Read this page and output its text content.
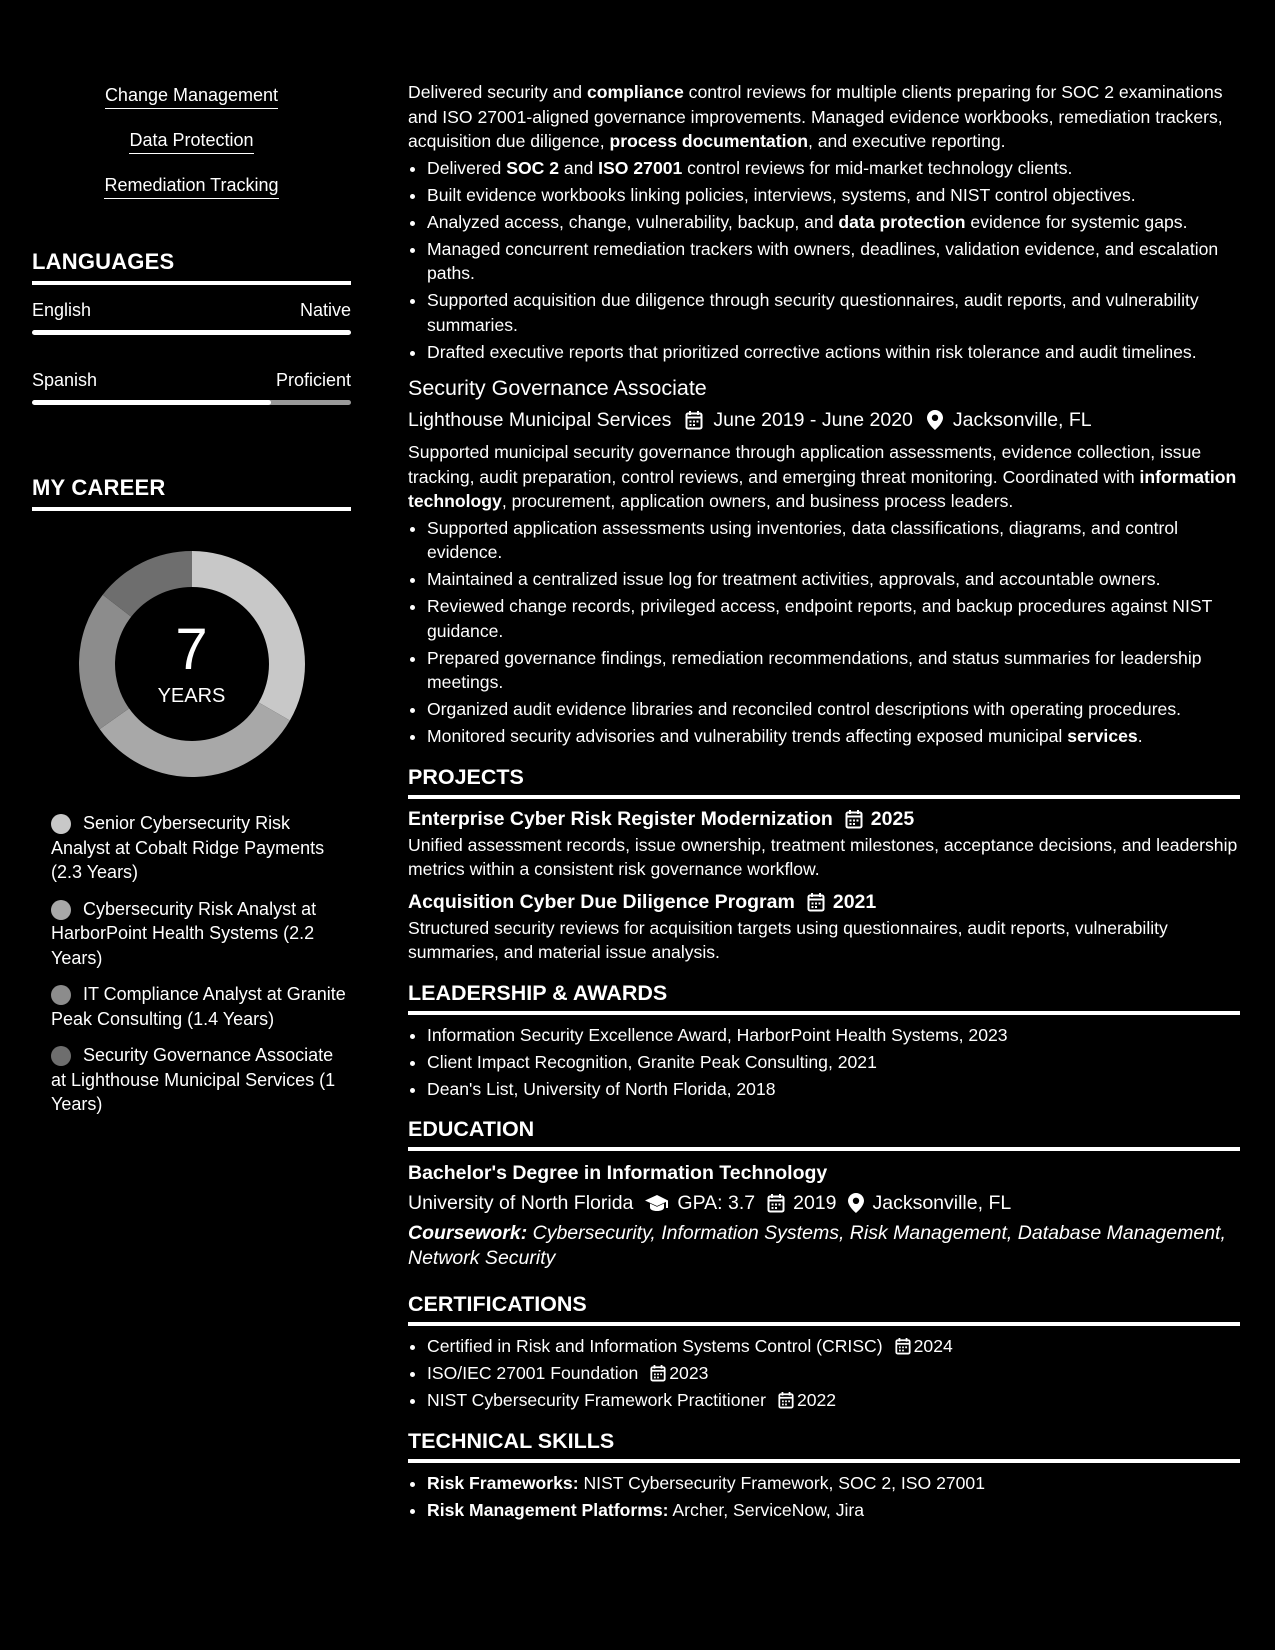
Change Management
Data Protection
Remediation Tracking
LANGUAGES
English	Native
Spanish	Proficient
MY CAREER
7
YEARS
Senior Cybersecurity Risk Analyst at Cobalt Ridge Payments (2.3 Years)
Cybersecurity Risk Analyst at HarborPoint Health Systems (2.2 Years)
IT Compliance Analyst at Granite Peak Consulting (1.4 Years)
Security Governance Associate at Lighthouse Municipal Services (1 Years)

Delivered security and compliance control reviews for multiple clients preparing for SOC 2 examinations and ISO 27001-aligned governance improvements. Managed evidence workbooks, remediation trackers, acquisition due diligence, process documentation, and executive reporting.

• Delivered SOC 2 and ISO 27001 control reviews for mid-market technology clients.
• Built evidence workbooks linking policies, interviews, systems, and NIST control objectives.
• Analyzed access, change, vulnerability, backup, and data protection evidence for systemic gaps.
• Managed concurrent remediation trackers with owners, deadlines, validation evidence, and escalation paths.
• Supported acquisition due diligence through security questionnaires, audit reports, and vulnerability summaries.
• Drafted executive reports that prioritized corrective actions within risk tolerance and audit timelines.
Security Governance Associate
Lighthouse Municipal Services June 2019 - June 2020 Jacksonville, FL

Supported municipal security governance through application assessments, evidence collection, issue tracking, audit preparation, control reviews, and emerging threat monitoring. Coordinated with information technology, procurement, application owners, and business process leaders.

• Supported application assessments using inventories, data classifications, diagrams, and control evidence.
• Maintained a centralized issue log for treatment activities, approvals, and accountable owners.
• Reviewed change records, privileged access, endpoint reports, and backup procedures against NIST guidance.
• Prepared governance findings, remediation recommendations, and status summaries for leadership meetings.
• Organized audit evidence libraries and reconciled control descriptions with operating procedures.
• Monitored security advisories and vulnerability trends affecting exposed municipal services.
PROJECTS
Enterprise Cyber Risk Register Modernization 2025

Unified assessment records, issue ownership, treatment milestones, acceptance decisions, and leadership metrics within a consistent risk governance workflow.

Acquisition Cyber Due Diligence Program 2021

Structured security reviews for acquisition targets using questionnaires, audit reports, vulnerability summaries, and material issue analysis.

LEADERSHIP & AWARDS
• Information Security Excellence Award, HarborPoint Health Systems, 2023
• Client Impact Recognition, Granite Peak Consulting, 2021
• Dean's List, University of North Florida, 2018
EDUCATION
Bachelor's Degree in Information Technology
University of North Florida GPA: 3.7 2019 Jacksonville, FL
Coursework: Cybersecurity, Information Systems, Risk Management, Database Management, Network Security
CERTIFICATIONS
• Certified in Risk and Information Systems Control (CRISC) 2024
• ISO/IEC 27001 Foundation 2023
• NIST Cybersecurity Framework Practitioner 2022
TECHNICAL SKILLS
• Risk Frameworks: NIST Cybersecurity Framework, SOC 2, ISO 27001
• Risk Management Platforms: Archer, ServiceNow, Jira
